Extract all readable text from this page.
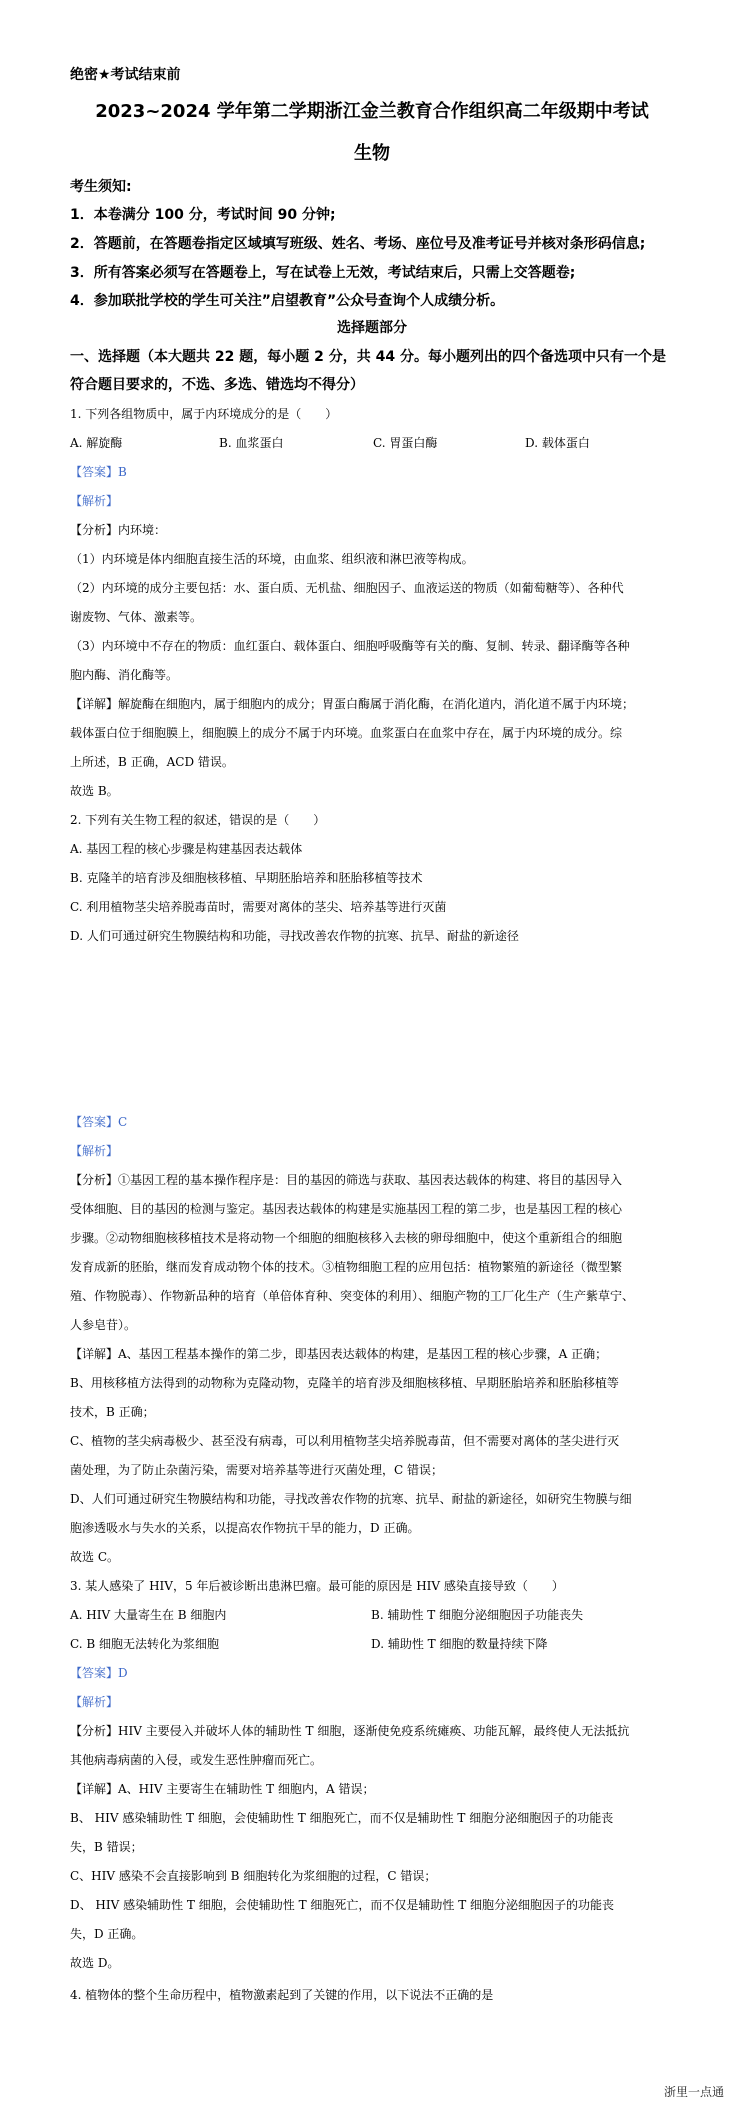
绝密★考试结束前
2023~2024 学年第二学期浙江金兰教育合作组织高二年级期中考试
生物
考生须知:
1．本卷满分 100 分，考试时间 90 分钟;
2．答题前，在答题卷指定区域填写班级、姓名、考场、座位号及准考证号并核对条形码信息;
3．所有答案必须写在答题卷上，写在试卷上无效，考试结束后，只需上交答题卷;
4．参加联批学校的学生可关注”启望教育”公众号查询个人成绩分析。
选择题部分
一、选择题（本大题共 22 题，每小题 2 分，共 44 分。每小题列出的四个备选项中只有一个是
符合题目要求的，不选、多选、错选均不得分）
1. 下列各组物质中，属于内环境成分的是（　　）
A. 解旋酶	B. 血浆蛋白	C. 胃蛋白酶	D. 载体蛋白
【答案】B
【解析】
【分析】内环境：
（1）内环境是体内细胞直接生活的环境，由血浆、组织液和淋巴液等构成。
（2）内环境的成分主要包括：水、蛋白质、无机盐、细胞因子、血液运送的物质（如葡萄糖等）、各种代
谢废物、气体、激素等。
（3）内环境中不存在的物质：血红蛋白、载体蛋白、细胞呼吸酶等有关的酶、复制、转录、翻译酶等各种
胞内酶、消化酶等。
【详解】解旋酶在细胞内，属于细胞内的成分；胃蛋白酶属于消化酶，在消化道内，消化道不属于内环境；
载体蛋白位于细胞膜上，细胞膜上的成分不属于内环境。血浆蛋白在血浆中存在，属于内环境的成分。综
上所述，B 正确，ACD 错误。
故选 B。
2. 下列有关生物工程的叙述，错误的是（　　）
A. 基因工程的核心步骤是构建基因表达载体
B. 克隆羊的培育涉及细胞核移植、早期胚胎培养和胚胎移植等技术
C. 利用植物茎尖培养脱毒苗时，需要对离体的茎尖、培养基等进行灭菌
D. 人们可通过研究生物膜结构和功能，寻找改善农作物的抗寒、抗旱、耐盐的新途径
【答案】C
【解析】
【分析】①基因工程的基本操作程序是：目的基因的筛选与获取、基因表达载体的构建、将目的基因导入
受体细胞、目的基因的检测与鉴定。基因表达载体的构建是实施基因工程的第二步，也是基因工程的核心
步骤。②动物细胞核移植技术是将动物一个细胞的细胞核移入去核的卵母细胞中，使这个重新组合的细胞
发育成新的胚胎，继而发育成动物个体的技术。③植物细胞工程的应用包括：植物繁殖的新途径（微型繁
殖、作物脱毒）、作物新品种的培育（单倍体育种、突变体的利用）、细胞产物的工厂化生产（生产紫草宁、
人参皂苷）。
【详解】A、基因工程基本操作的第二步，即基因表达载体的构建，是基因工程的核心步骤，A 正确；
B、用核移植方法得到的动物称为克隆动物，克隆羊的培育涉及细胞核移植、早期胚胎培养和胚胎移植等
技术，B 正确；
C、植物的茎尖病毒极少、甚至没有病毒，可以利用植物茎尖培养脱毒苗，但不需要对离体的茎尖进行灭
菌处理，为了防止杂菌污染，需要对培养基等进行灭菌处理，C 错误；
D、人们可通过研究生物膜结构和功能，寻找改善农作物的抗寒、抗旱、耐盐的新途径，如研究生物膜与细
胞渗透吸水与失水的关系，以提高农作物抗干旱的能力，D 正确。
故选 C。
3. 某人感染了 HIV，5 年后被诊断出患淋巴瘤。最可能的原因是 HIV 感染直接导致（　　）
A. HIV 大量寄生在 B 细胞内	B. 辅助性 T 细胞分泌细胞因子功能丧失
C. B 细胞无法转化为浆细胞	D. 辅助性 T 细胞的数量持续下降
【答案】D
【解析】
【分析】HIV 主要侵入并破坏人体的辅助性 T 细胞，逐渐使免疫系统瘫痪、功能瓦解，最终使人无法抵抗
其他病毒病菌的入侵，或发生恶性肿瘤而死亡。
【详解】A、HIV 主要寄生在辅助性 T 细胞内，A 错误；
B、 HIV 感染辅助性 T 细胞，会使辅助性 T 细胞死亡，而不仅是辅助性 T 细胞分泌细胞因子的功能丧
失，B 错误；
C、HIV 感染不会直接影响到 B 细胞转化为浆细胞的过程，C 错误；
D、 HIV 感染辅助性 T 细胞，会使辅助性 T 细胞死亡，而不仅是辅助性 T 细胞分泌细胞因子的功能丧
失，D 正确。
故选 D。
4. 植物体的整个生命历程中，植物激素起到了关键的作用，以下说法不正确的是
浙里一点通
